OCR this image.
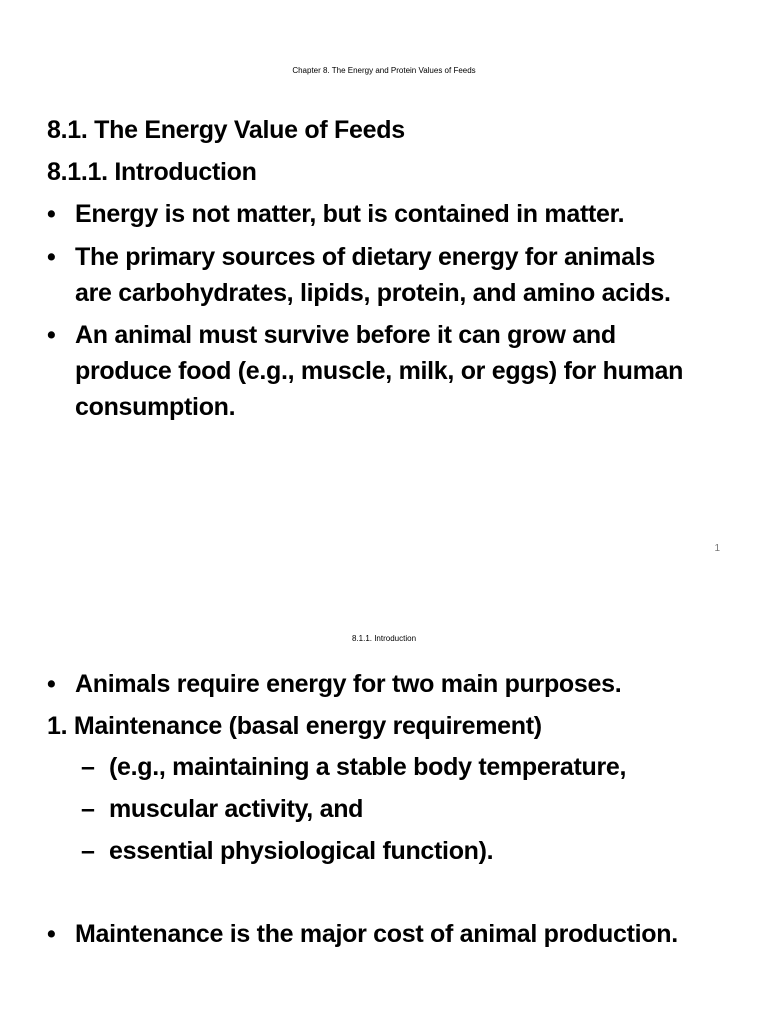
Chapter 8. The Energy and Protein Values of Feeds
8.1. The Energy Value of Feeds
8.1.1. Introduction
• Energy is not matter, but is contained in matter.
• The primary sources of dietary energy for animals
are carbohydrates, lipids, protein, and amino acids.
• An animal must survive before it can grow and
produce food (e.g., muscle, milk, or eggs) for human
consumption.
1
8.1.1. Introduction
• Animals require energy for two main purposes.
1. Maintenance (basal energy requirement)
– (e.g., maintaining a stable body temperature,
– muscular activity, and
– essential physiological function).
• Maintenance is the major cost of animal production.
